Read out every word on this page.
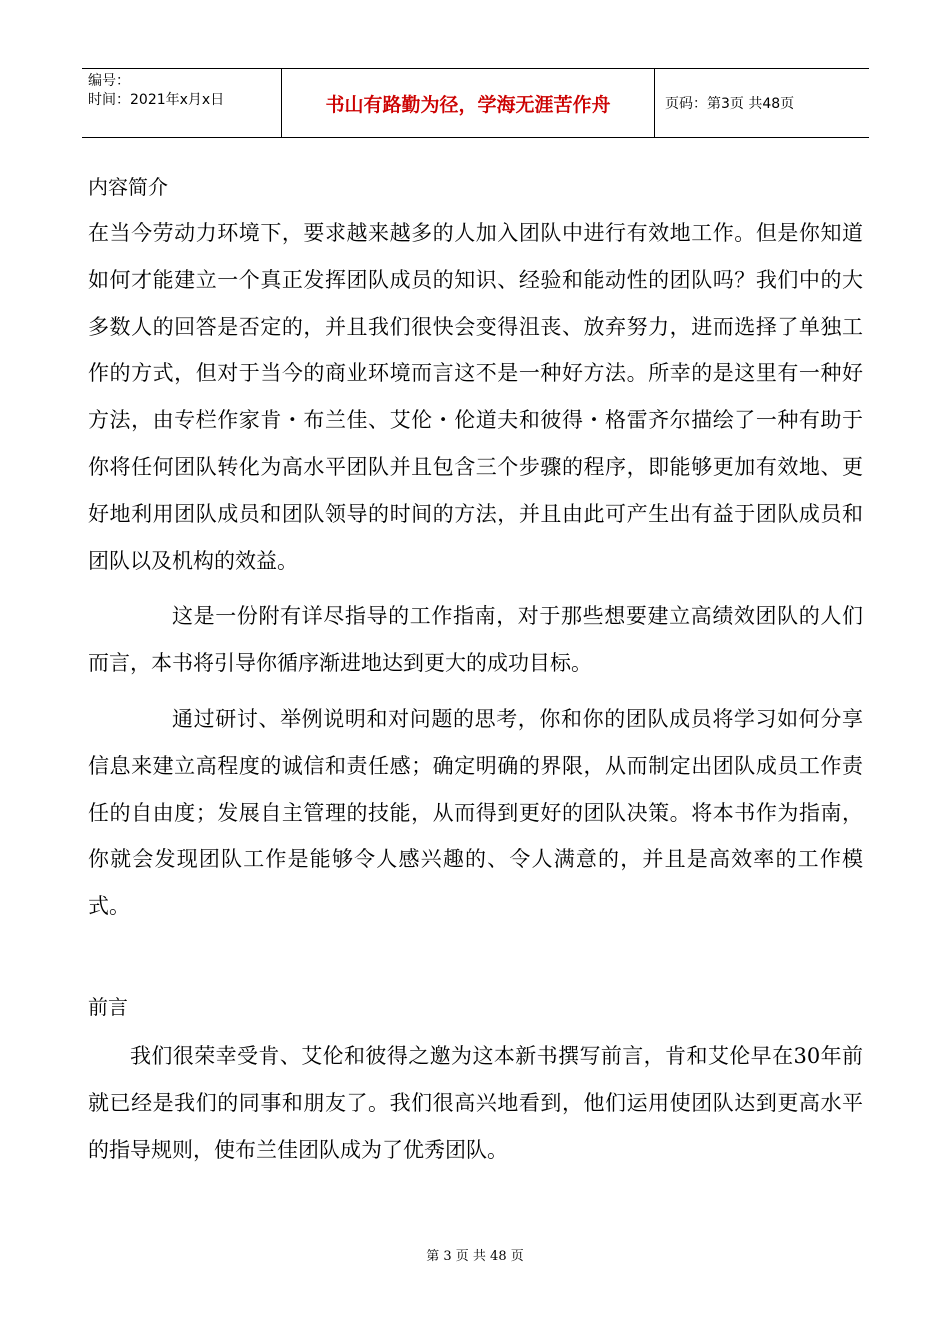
编号：
时间：2021年x月x日	书山有路勤为径，学海无涯苦作舟	页码：第3页 共48页
内容简介

在当今劳动力环境下，要求越来越多的人加入团队中进行有效地工作。但是你知道如何才能建立一个真正发挥团队成员的知识、经验和能动性的团队吗？我们中的大多数人的回答是否定的，并且我们很快会变得沮丧、放弃努力，进而选择了单独工作的方式，但对于当今的商业环境而言这不是一种好方法。所幸的是这里有一种好方法，由专栏作家肯・布兰佳、艾伦・伦道夫和彼得・格雷齐尔描绘了一种有助于你将任何团队转化为高水平团队并且包含三个步骤的程序，即能够更加有效地、更好地利用团队成员和团队领导的时间的方法，并且由此可产生出有益于团队成员和团队以及机构的效益。

这是一份附有详尽指导的工作指南，对于那些想要建立高绩效团队的人们而言，本书将引导你循序渐进地达到更大的成功目标。

通过研讨、举例说明和对问题的思考，你和你的团队成员将学习如何分享信息来建立高程度的诚信和责任感；确定明确的界限，从而制定出团队成员工作责任的自由度；发展自主管理的技能，从而得到更好的团队决策。将本书作为指南，你就会发现团队工作是能够令人感兴趣的、令人满意的，并且是高效率的工作模式。

前言

我们很荣幸受肯、艾伦和彼得之邀为这本新书撰写前言，肯和艾伦早在30年前就已经是我们的同事和朋友了。我们很高兴地看到，他们运用使团队达到更高水平的指导规则，使布兰佳团队成为了优秀团队。

第 3 页 共 48 页
